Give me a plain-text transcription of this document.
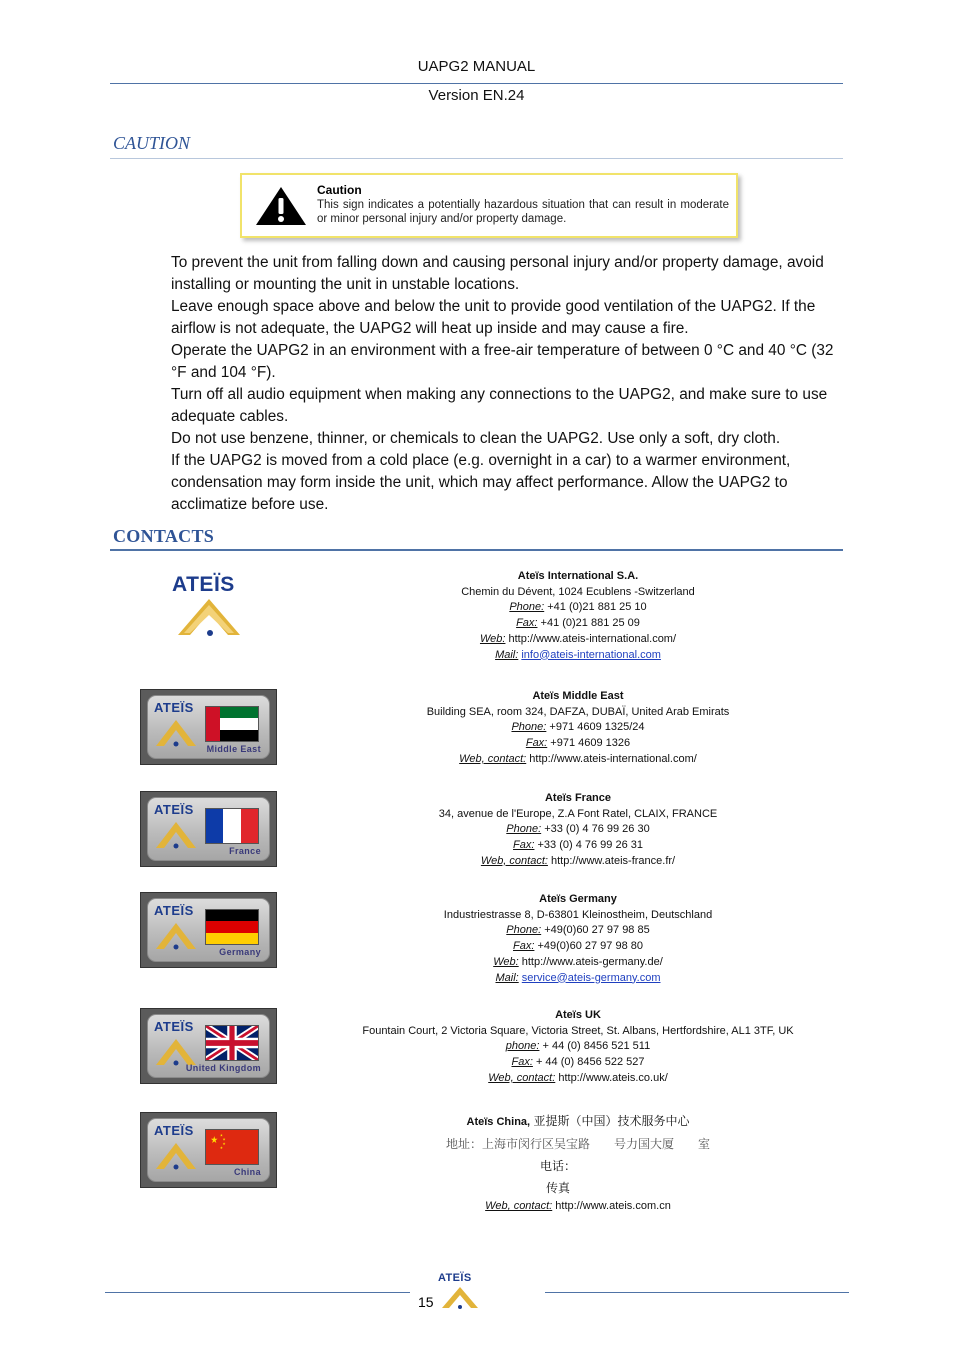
UAPG2 MANUAL
Version EN.24
CAUTION
Caution
This sign indicates a potentially hazardous situation that can result in moderate or minor personal injury and/or property damage.

To prevent the unit from falling down and causing personal injury and/or property damage, avoid installing or mounting the unit in unstable locations.

Leave enough space above and below the unit to provide good ventilation of the UAPG2. If the airflow is not adequate, the UAPG2 will heat up inside and may cause a fire.

Operate the UAPG2 in an environment with a free-air temperature of between 0 °C and 40 °C (32 °F and 104 °F).

Turn off all audio equipment when making any connections to the UAPG2, and make sure to use adequate cables.

Do not use benzene, thinner, or chemicals to clean the UAPG2. Use only a soft, dry cloth.

If the UAPG2 is moved from a cold place (e.g. overnight in a car) to a warmer environment, condensation may form inside the unit, which may affect performance. Allow the UAPG2 to acclimatize before use.

CONTACTS
ATEÏS	Ateïs International S.A.
Chemin du Dévent, 1024 Ecublens -Switzerland
Phone: +41 (0)21 881 25 10
Fax: +41 (0)21 881 25 09
Web: http://www.ateis-international.com/
Mail: info@ateis-international.com
ATEÏS
Middle East
Ateïs Middle East
Building SEA, room 324, DAFZA, DUBAÏ, United Arab Emirats
Phone: +971 4609 1325/24
Fax: +971 4609 1326
Web, contact: http://www.ateis-international.com/
ATEÏS
France
Ateïs France
34, avenue de l'Europe, Z.A Font Ratel, CLAIX, FRANCE
Phone: +33 (0) 4 76 99 26 30
Fax: +33 (0) 4 76 99 26 31
Web, contact: http://www.ateis-france.fr/
ATEÏS
Germany
Ateïs Germany
Industriestrasse 8, D-63801 Kleinostheim, Deutschland
Phone: +49(0)60 27 97 98 85
Fax: +49(0)60 27 97 98 80
Web: http://www.ateis-germany.de/
Mail: service@ateis-germany.com
ATEÏS
United Kingdom
Ateïs UK
Fountain Court, 2 Victoria Square, Victoria Street, St. Albans, Hertfordshire, AL1 3TF, UK
phone: + 44 (0) 8456 521 511
Fax: + 44 (0) 8456 522 527
Web, contact: http://www.ateis.co.uk/
ATEÏS
★
★
★
★
★
China
Ateïs China, 亚提斯（中国）技术服务中心
地址：上海市闵行区吴宝路　　号力国大厦　　室
电话：
传真
Web, contact: http://www.ateis.com.cn
ATEÏS
15
